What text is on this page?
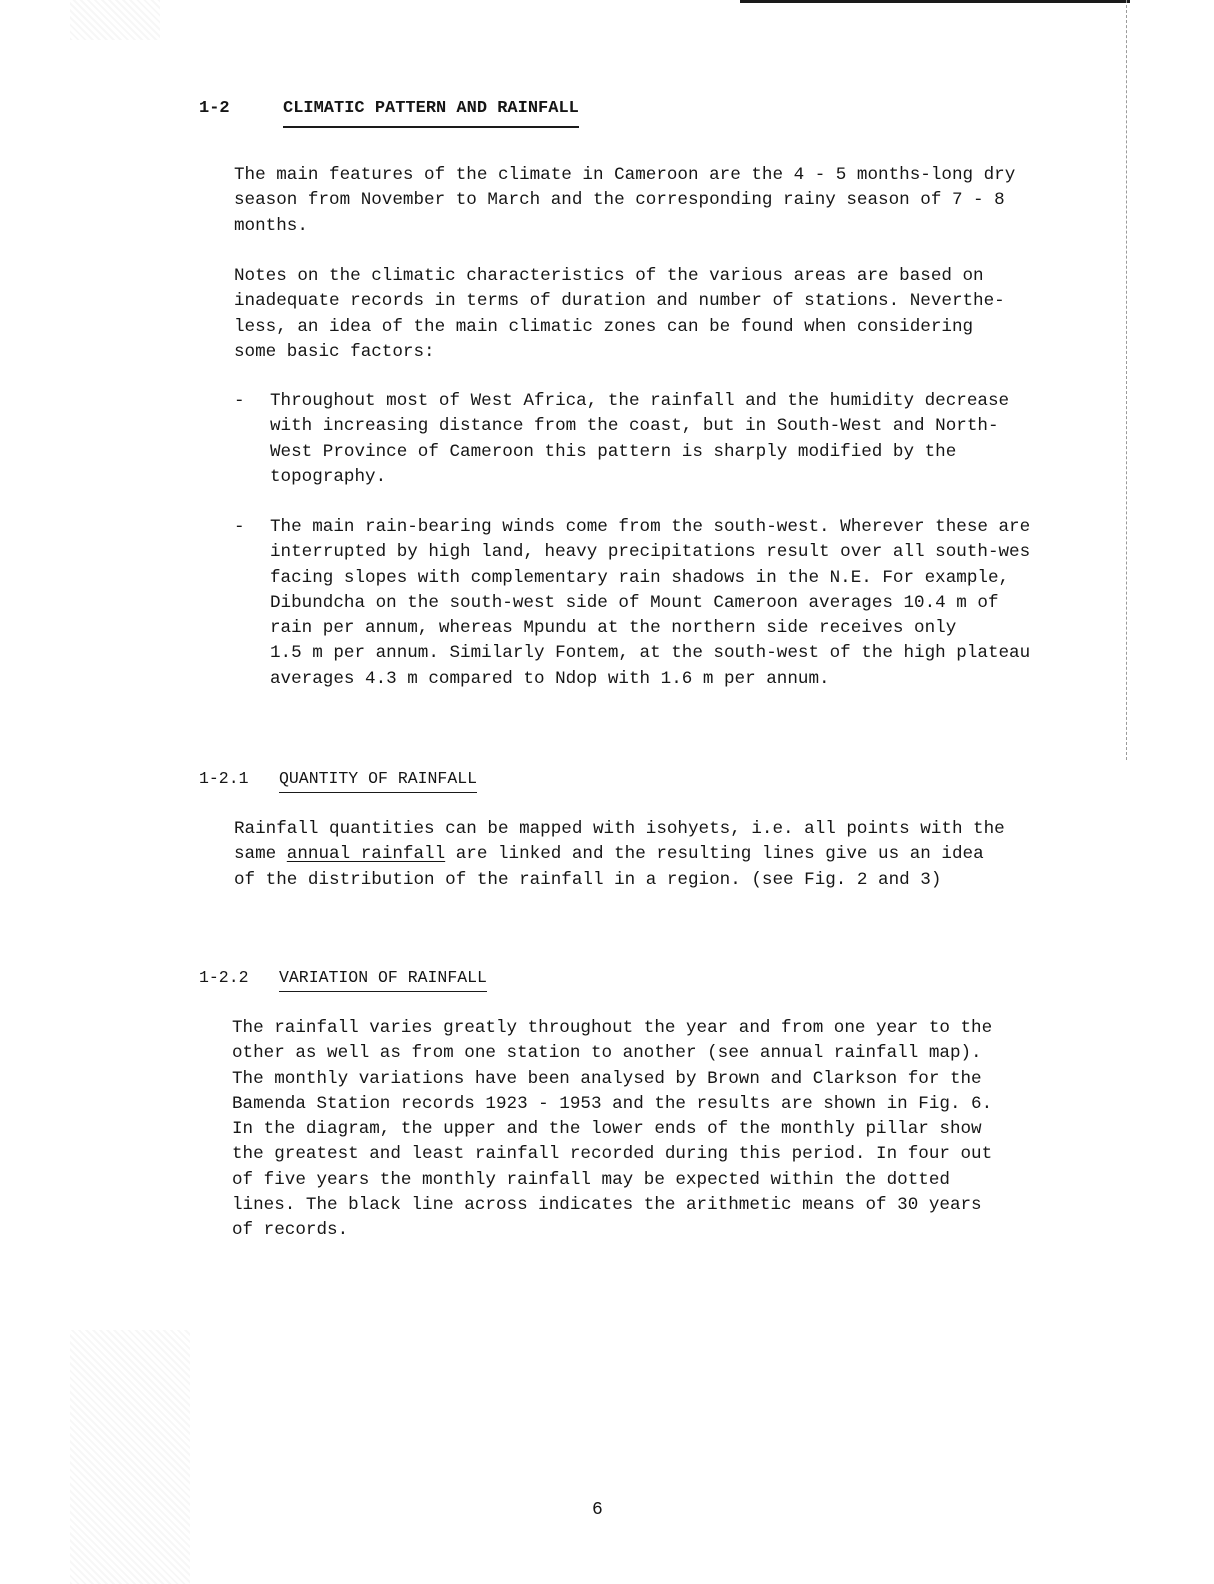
1-2

	CLIMATIC PATTERN AND RAINFALL

The main features of the climate in Cameroon are the 4 - 5 months-long dry
season from November to March and the corresponding rainy season of 7 - 8
months.

Notes on the climatic characteristics of the various areas are based on
inadequate records in terms of duration and number of stations. Neverthe-
less, an idea of the main climatic zones can be found when considering
some basic factors:

- Throughout most of West Africa, the rainfall and the humidity decrease
with increasing distance from the coast, but in South-West and North-
West Province of Cameroon this pattern is sharply modified by the
topography.

- The main rain-bearing winds come from the south-west. Wherever these are
interrupted by high land, heavy precipitations result over all south-wes
facing slopes with complementary rain shadows in the N.E. For example,
Dibundcha on the south-west side of Mount Cameroon averages 10.4 m of
rain per annum, whereas Mpundu at the northern side receives only
1.5 m per annum. Similarly Fontem, at the south-west of the high plateau
averages 4.3 m compared to Ndop with 1.6 m per annum.

1-2.1

QUANTITY OF RAINFALL

Rainfall quantities can be mapped with isohyets, i.e. all points with the

same annual rainfall are linked and the resulting lines give us an idea

of the distribution of the rainfall in a region. (see Fig. 2 and 3)

1-2.2

VARIATION OF RAINFALL

The rainfall varies greatly throughout the year and from one year to the
other as well as from one station to another (see annual rainfall map).
The monthly variations have been analysed by Brown and Clarkson for the
Bamenda Station records 1923 - 1953 and the results are shown in Fig. 6.
In the diagram, the upper and the lower ends of the monthly pillar show
the greatest and least rainfall recorded during this period. In four out
of five years the monthly rainfall may be expected within the dotted
lines. The black line across indicates the arithmetic means of 30 years
of records.

6
